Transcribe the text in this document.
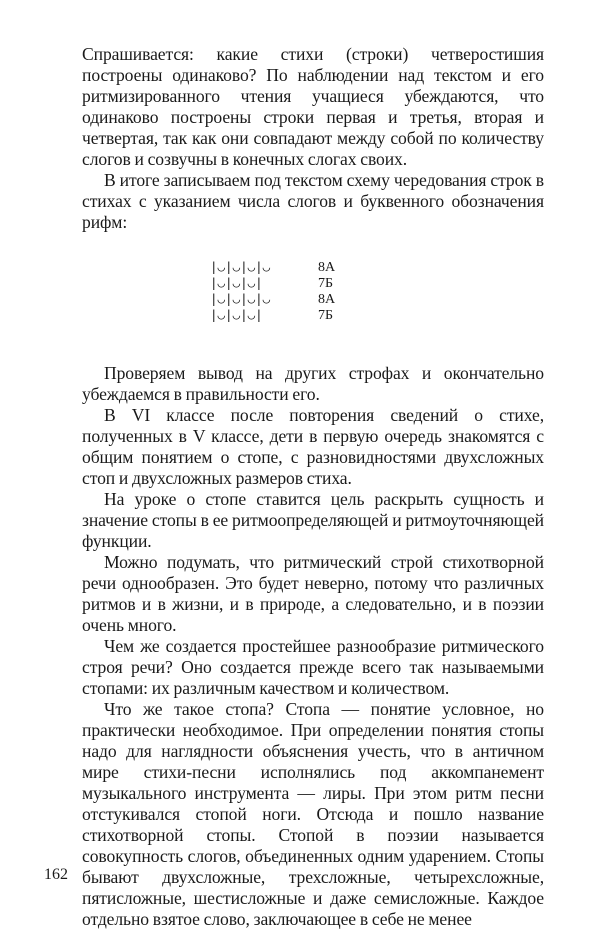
Спрашивается: какие стихи (строки) четверостишия построены одинаково? По наблюдении над текстом и его ритмизированного чтения учащиеся убеждаются, что одинаково построены строки первая и третья, вторая и четвертая, так как они совпадают между собой по количеству слогов и созвучны в конечных слогах своих.

В итоге записываем под текстом схему чередования строк в стихах с указанием числа слогов и буквенного обозначения рифм:

|◡|◡|◡|◡	8А
|◡|◡|◡|	7Б
|◡|◡|◡|◡	8А
|◡|◡|◡|	7Б

Проверяем вывод на других строфах и окончательно убеждаемся в правильности его.

В VI классе после повторения сведений о стихе, полученных в V классе, дети в первую очередь знакомятся с общим понятием о стопе, с разновидностями двухсложных стоп и двухсложных размеров стиха.

На уроке о стопе ставится цель раскрыть сущность и значение стопы в ее ритмоопределяющей и ритмоуточняющей функции.

Можно подумать, что ритмический строй стихотворной речи однообразен. Это будет неверно, потому что различных ритмов и в жизни, и в природе, а следовательно, и в поэзии очень много.

Чем же создается простейшее разнообразие ритмического строя речи? Оно создается прежде всего так называемыми стопами: их различным качеством и количеством.

Что же такое стопа? Стопа — понятие условное, но практически необходимое. При определении понятия стопы надо для наглядности объяснения учесть, что в античном мире стихи-песни исполнялись под аккомпанемент музыкального инструмента — лиры. При этом ритм песни отстукивался стопой ноги. Отсюда и пошло название стихотворной стопы. Стопой в поэзии называется совокупность слогов, объединенных одним ударением. Стопы бывают двухсложные, трехсложные, четырехсложные, пятисложные, шестисложные и даже семисложные. Каждое отдельно взятое слово, заключающее в себе не менее

162
